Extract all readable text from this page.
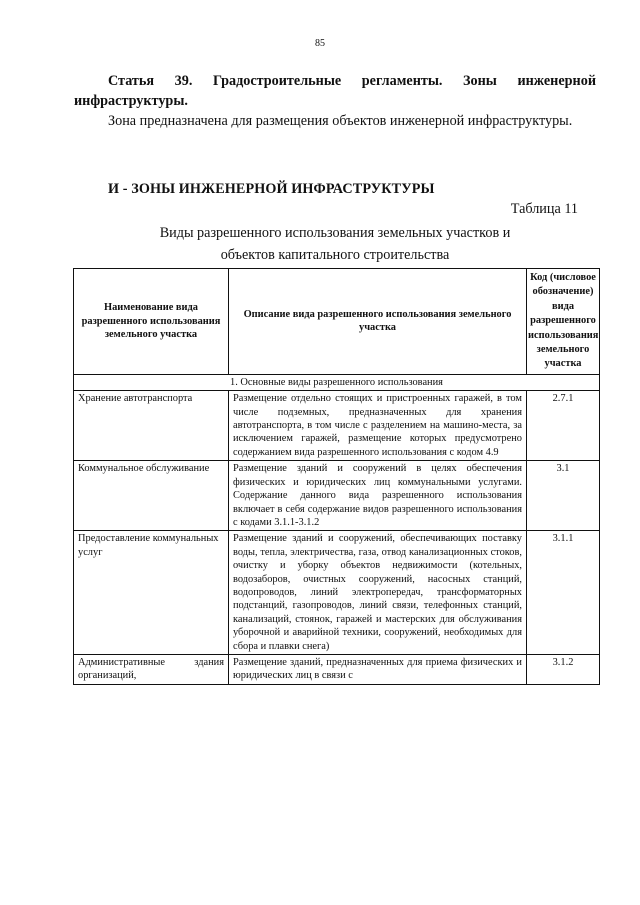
85

Статья 39. Градостроительные регламенты. Зоны инженерной инфраструктуры.

Зона предназначена для размещения объектов инженерной инфраструктуры.

И - ЗОНЫ ИНЖЕНЕРНОЙ ИНФРАСТРУКТУРЫ
Таблица 11
Виды разрешенного использования земельных участков и
объектов капитального строительства
Наименование вида разрешенного использования земельного участка	Описание вида разрешенного использования земельного участка	Код (числовое обозначение) вида разрешенного использования земельного участка
1. Основные виды разрешенного использования		
Хранение автотранспорта	Размещение отдельно стоящих и пристроенных гаражей, в том числе подземных, предназначенных для хранения автотранспорта, в том числе с разделением на машино-места, за исключением гаражей, размещение которых предусмотрено содержанием вида разрешенного использования с кодом 4.9	2.7.1
Коммунальное обслуживание	Размещение зданий и сооружений в целях обеспечения физических и юридических лиц коммунальными услугами. Содержание данного вида разрешенного использования включает в себя содержание видов разрешенного использования с кодами 3.1.1-3.1.2	3.1
Предоставление коммунальных услуг	Размещение зданий и сооружений, обеспечивающих поставку воды, тепла, электричества, газа, отвод канализационных стоков, очистку и уборку объектов недвижимости (котельных, водозаборов, очистных сооружений, насосных станций, водопроводов, линий электропередач, трансформаторных подстанций, газопроводов, линий связи, телефонных станций, канализаций, стоянок, гаражей и мастерских для обслуживания уборочной и аварийной техники, сооружений, необходимых для сбора и плавки снега)	3.1.1
Административные здания организаций,	Размещение зданий, предназначенных для приема физических и юридических лиц в связи с	3.1.2
